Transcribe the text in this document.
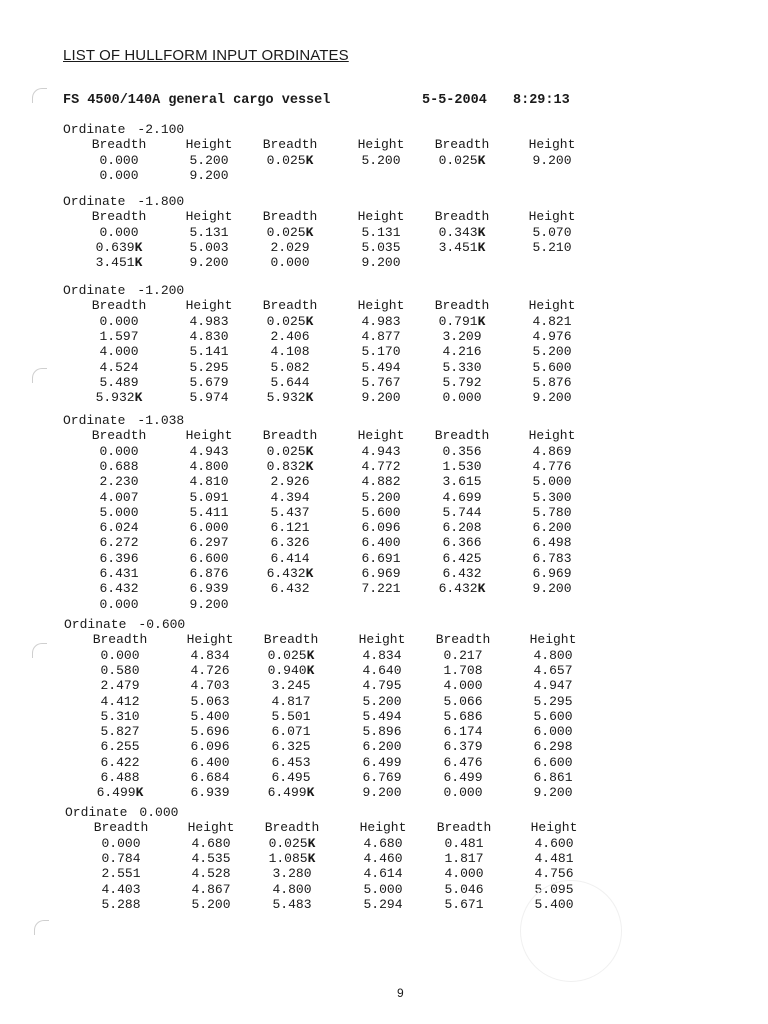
LIST OF HULLFORM INPUT ORDINATES
FS 4500/140A general cargo vessel	5-5-2004 8:29:13
Ordinate -2.100
Breadth	Height	Breadth	Height	Breadth	Height
0.000	5.200	0.025K	5.200	0.025K	9.200
0.000	9.200
Ordinate -1.800
Breadth	Height	Breadth	Height	Breadth	Height
0.000	5.131	0.025K	5.131	0.343K	5.070
0.639K	5.003	2.029	5.035	3.451K	5.210
3.451K	9.200	0.000	9.200
Ordinate -1.200
Breadth	Height	Breadth	Height	Breadth	Height
0.000	4.983	0.025K	4.983	0.791K	4.821
1.597	4.830	2.406	4.877	3.209	4.976
4.000	5.141	4.108	5.170	4.216	5.200
4.524	5.295	5.082	5.494	5.330	5.600
5.489	5.679	5.644	5.767	5.792	5.876
5.932K	5.974	5.932K	9.200	0.000	9.200
Ordinate -1.038
Breadth	Height	Breadth	Height	Breadth	Height
0.000	4.943	0.025K	4.943	0.356	4.869
0.688	4.800	0.832K	4.772	1.530	4.776
2.230	4.810	2.926	4.882	3.615	5.000
4.007	5.091	4.394	5.200	4.699	5.300
5.000	5.411	5.437	5.600	5.744	5.780
6.024	6.000	6.121	6.096	6.208	6.200
6.272	6.297	6.326	6.400	6.366	6.498
6.396	6.600	6.414	6.691	6.425	6.783
6.431	6.876	6.432K	6.969	6.432	6.969
6.432	6.939	6.432	7.221	6.432K	9.200
0.000	9.200
Ordinate -0.600
Breadth	Height	Breadth	Height	Breadth	Height
0.000	4.834	0.025K	4.834	0.217	4.800
0.580	4.726	0.940K	4.640	1.708	4.657
2.479	4.703	3.245	4.795	4.000	4.947
4.412	5.063	4.817	5.200	5.066	5.295
5.310	5.400	5.501	5.494	5.686	5.600
5.827	5.696	6.071	5.896	6.174	6.000
6.255	6.096	6.325	6.200	6.379	6.298
6.422	6.400	6.453	6.499	6.476	6.600
6.488	6.684	6.495	6.769	6.499	6.861
6.499K	6.939	6.499K	9.200	0.000	9.200
Ordinate 0.000
Breadth	Height	Breadth	Height	Breadth	Height
0.000	4.680	0.025K	4.680	0.481	4.600
0.784	4.535	1.085K	4.460	1.817	4.481
2.551	4.528	3.280	4.614	4.000	4.756
4.403	4.867	4.800	5.000	5.046	5.095
5.288	5.200	5.483	5.294	5.671	5.400
9
